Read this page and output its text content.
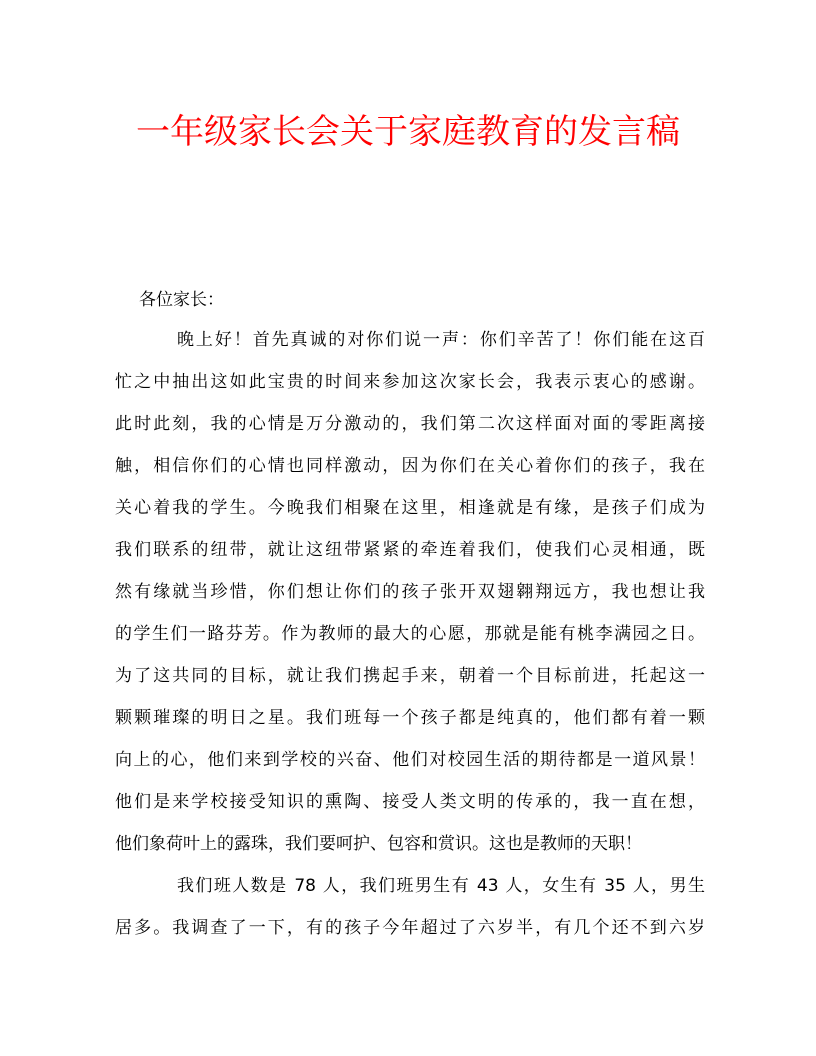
一年级家长会关于家庭教育的发言稿

各位家长：

晚上好！首先真诚的对你们说一声：你们辛苦了！你们能在这百
忙之中抽出这如此宝贵的时间来参加这次家长会，我表示衷心的感谢。
此时此刻，我的心情是万分激动的，我们第二次这样面对面的零距离接
触，相信你们的心情也同样激动，因为你们在关心着你们的孩子，我在
关心着我的学生。今晚我们相聚在这里，相逢就是有缘，是孩子们成为
我们联系的纽带，就让这纽带紧紧的牵连着我们，使我们心灵相通，既
然有缘就当珍惜，你们想让你们的孩子张开双翅翱翔远方，我也想让我
的学生们一路芬芳。作为教师的最大的心愿，那就是能有桃李满园之日。
为了这共同的目标，就让我们携起手来，朝着一个目标前进，托起这一
颗颗璀璨的明日之星。我们班每一个孩子都是纯真的，他们都有着一颗
向上的心，他们来到学校的兴奋、他们对校园生活的期待都是一道风景！
他们是来学校接受知识的熏陶、接受人类文明的传承的，我一直在想，
他们象荷叶上的露珠，我们要呵护、包容和赏识。这也是教师的天职！
我们班人数是 78 人，我们班男生有 43 人，女生有 35 人，男生
居多。我调查了一下，有的孩子今年超过了六岁半，有几个还不到六岁
